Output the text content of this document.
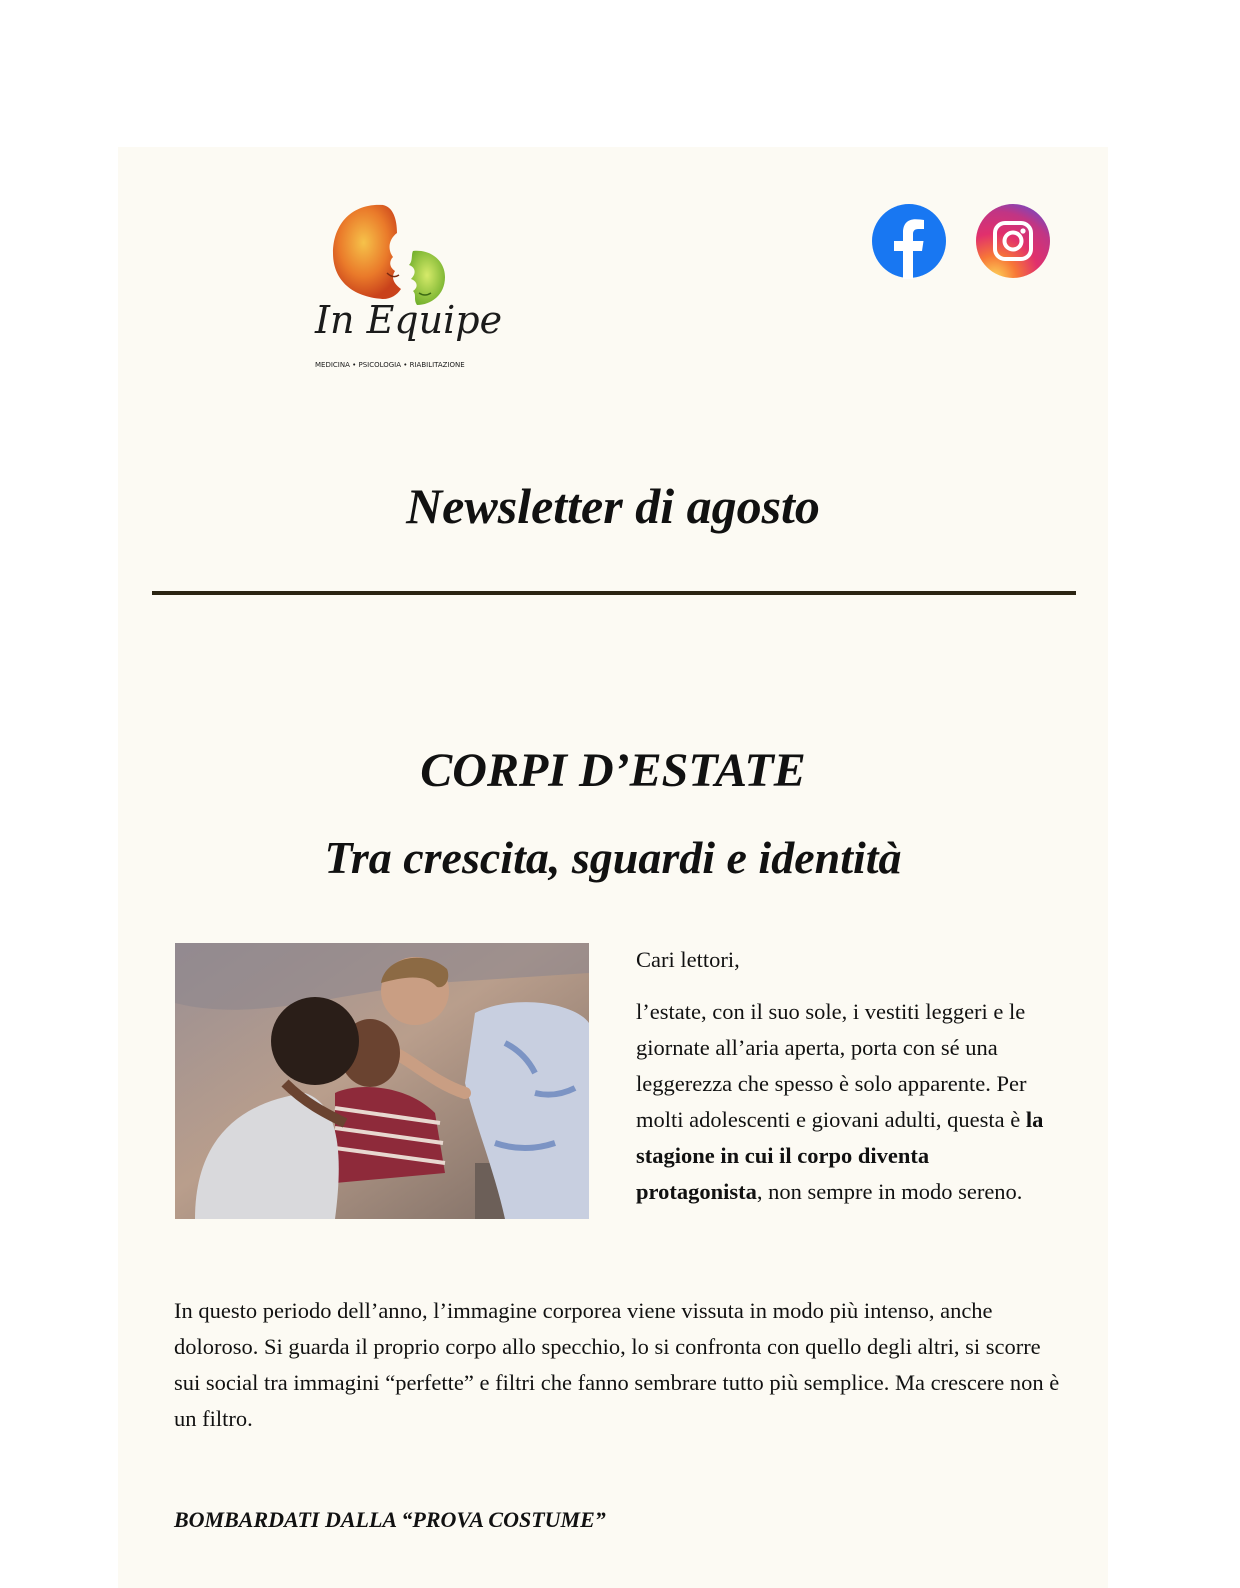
In Equipe
MEDICINA • PSICOLOGIA • RIABILITAZIONE
Newsletter di agosto
CORPI D’ESTATE
Tra crescita, sguardi e identità

Cari lettori,

l’estate, con il suo sole, i vestiti leggeri e le giornate all’aria aperta, porta con sé una leggerezza che spesso è solo apparente. Per molti adolescenti e giovani adulti, questa è la stagione in cui il corpo diventa protagonista, non sempre in modo sereno.

In questo periodo dell’anno, l’immagine corporea viene vissuta in modo più intenso, anche doloroso. Si guarda il proprio corpo allo specchio, lo si confronta con quello degli altri, si scorre sui social tra immagini “perfette” e filtri che fanno sembrare tutto più semplice. Ma crescere non è un filtro.

BOMBARDATI DALLA “PROVA COSTUME”
